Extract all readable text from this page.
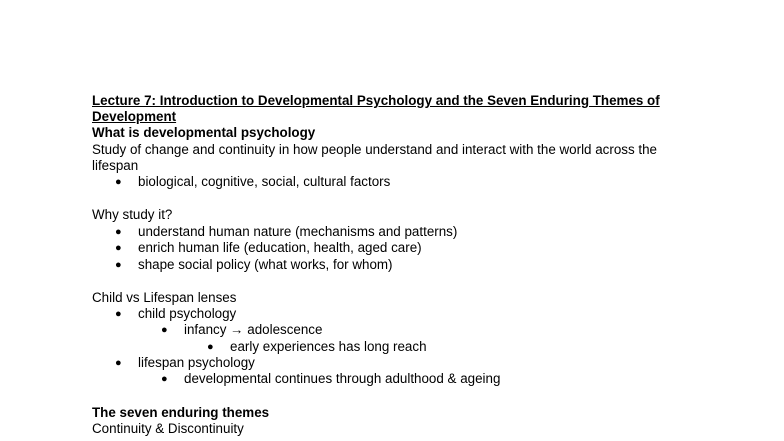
Lecture 7: Introduction to Developmental Psychology and the Seven Enduring Themes of
Development
What is developmental psychology
Study of change and continuity in how people understand and interact with the world across the
lifespan
● biological, cognitive, social, cultural factors
Why study it?
● understand human nature (mechanisms and patterns)
● enrich human life (education, health, aged care)
● shape social policy (what works, for whom)
Child vs Lifespan lenses
● child psychology
● infancy → adolescence
● early experiences has long reach
● lifespan psychology
● developmental continues through adulthood & ageing
The seven enduring themes
Continuity & Discontinuity
